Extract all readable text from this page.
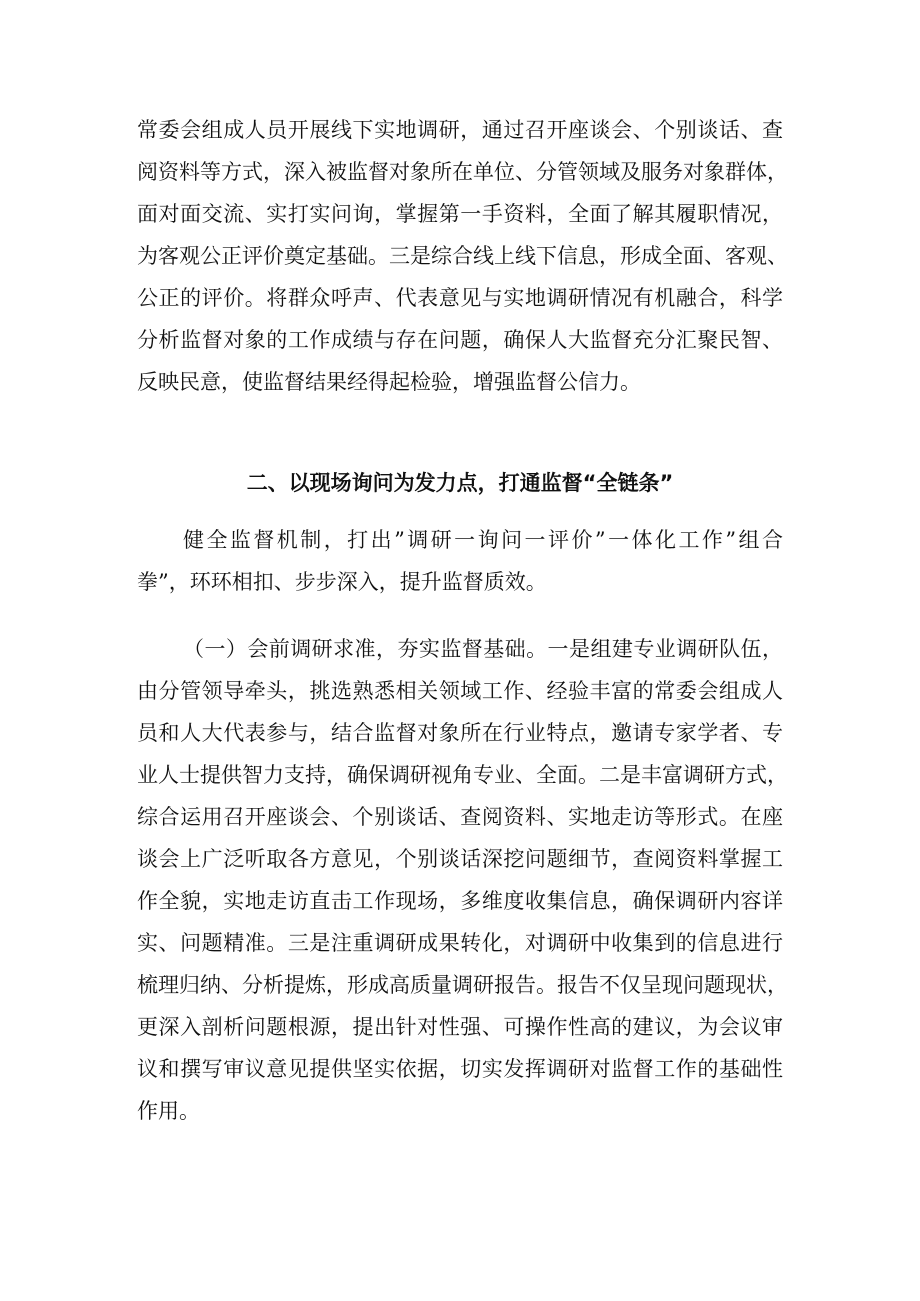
常委会组成人员开展线下实地调研，通过召开座谈会、个别谈话、查
阅资料等方式，深入被监督对象所在单位、分管领域及服务对象群体，
面对面交流、实打实问询，掌握第一手资料，全面了解其履职情况，
为客观公正评价奠定基础。三是综合线上线下信息，形成全面、客观、
公正的评价。将群众呼声、代表意见与实地调研情况有机融合，科学
分析监督对象的工作成绩与存在问题，确保人大监督充分汇聚民智、
反映民意，使监督结果经得起检验，增强监督公信力。
二、以现场询问为发力点，打通监督“全链条”
健全监督机制，打出”调研一询问一评价”一体化工作”组合
拳”，环环相扣、步步深入，提升监督质效。
（一）会前调研求准，夯实监督基础。一是组建专业调研队伍，
由分管领导牵头，挑选熟悉相关领域工作、经验丰富的常委会组成人
员和人大代表参与，结合监督对象所在行业特点，邀请专家学者、专
业人士提供智力支持，确保调研视角专业、全面。二是丰富调研方式，
综合运用召开座谈会、个别谈话、查阅资料、实地走访等形式。在座
谈会上广泛听取各方意见，个别谈话深挖问题细节，查阅资料掌握工
作全貌，实地走访直击工作现场，多维度收集信息，确保调研内容详
实、问题精准。三是注重调研成果转化，对调研中收集到的信息进行
梳理归纳、分析提炼，形成高质量调研报告。报告不仅呈现问题现状，
更深入剖析问题根源，提出针对性强、可操作性高的建议，为会议审
议和撰写审议意见提供坚实依据，切实发挥调研对监督工作的基础性
作用。
